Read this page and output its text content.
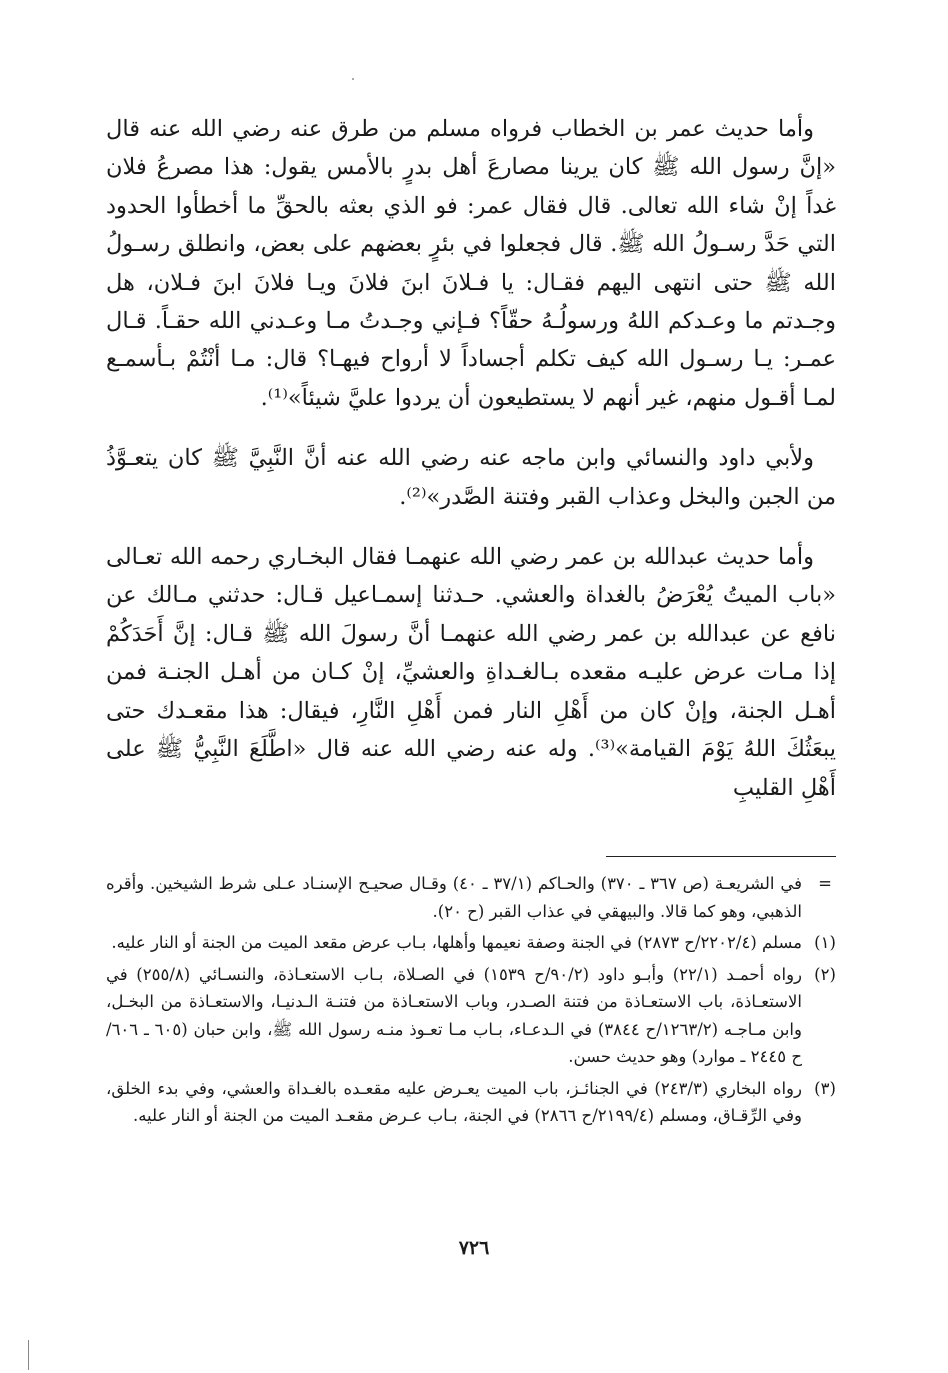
وأما حديث عمر بن الخطاب فرواه مسلم من طرق عنه رضي الله عنه قال «إنَّ رسول الله ﷺ كان يرينا مصارعَ أهل بدرٍ بالأمس يقول: هذا مصرعُ فلان غداً إنْ شاء الله تعالى. قال فقال عمر: فو الذي بعثه بالحقِّ ما أخطأوا الحدود التي حَدَّ رسـولُ الله ﷺ. قال فجعلوا في بئرٍ بعضهم على بعض، وانطلق رسـولُ الله ﷺ حتى انتهى اليهم فقـال: يا فـلانَ ابنَ فلانَ ويـا فلانَ ابنَ فـلان، هل وجـدتم ما وعـدكم اللهُ ورسولُـهُ حقّاً؟ فـإني وجـدتُ مـا وعـدني الله حقـاً. قـال عمـر: يـا رسـول الله كيف تكلم أجساداً لا أرواح فيهـا؟ قال: مـا أنْتُمْ بـأسمـع لمـا أقـول منهم، غير أنهم لا يستطيعون أن يردوا عليَّ شيئاً»⁽¹⁾.

ولأبي داود والنسائي وابن ماجه عنه رضي الله عنه أنَّ النَّبِيَّ ﷺ كان يتعـوَّذُ من الجبن والبخل وعذاب القبر وفتنة الصَّدر»⁽²⁾.

وأما حديث عبدالله بن عمر رضي الله عنهمـا فقال البخـاري رحمه الله تعـالى «باب الميتُ يُعْرَضُ بالغداة والعشي. حـدثنا إسمـاعيل قـال: حدثني مـالك عن نافع عن عبدالله بن عمر رضي الله عنهمـا أنَّ رسولَ الله ﷺ قـال: إنَّ أَحَدَكُمْ إذا مـات عرض عليـه مقعده بـالغـداةِ والعشيِّ، إنْ كـان من أهـل الجنـة فمن أهـل الجنة، وإنْ كان من أَهْلِ النار فمن أَهْلِ النَّارِ، فيقال: هذا مقعـدك حتى يبعَثُكَ اللهُ يَوْمَ القيامة»⁽³⁾. وله عنه رضي الله عنه قال «اطَّلَعَ النَّبِيُّ ﷺ على أَهْلِ القليبِ

=
في الشريعـة (ص ٣٦٧ ـ ٣٧٠) والحـاكم (٣٧/١ ـ ٤٠) وقـال صحيـح الإسنـاد عـلى شرط الشيخين. وأقره الذهبي، وهو كما قالا. والبيهقي في عذاب القبر (ح ٢٠).
(١)
مسلم (٢٢٠٢/٤/ح ٢٨٧٣) في الجنة وصفة نعيمها وأهلها، بـاب عرض مقعد الميت من الجنة أو النار عليه.
(٢)
رواه أحمـد (٢٢/١) وأبـو داود (٩٠/٢/ح ١٥٣٩) في الصـلاة، بـاب الاستعـاذة، والنسـائي (٢٥٥/٨) في الاستعـاذة، باب الاستعـاذة من فتنة الصـدر، وباب الاستعـاذة من فتنـة الـدنيـا، والاستعـاذة من البخـل، وابن مـاجـه (١٢٦٣/٢/ح ٣٨٤٤) في الـدعـاء، بـاب مـا تعـوذ منـه رسول الله ﷺ، وابن حبان (٦٠٥ ـ ٦٠٦/ح ٢٤٤٥ ـ موارد) وهو حديث حسن.
(٣)
رواه البخاري (٢٤٣/٣) في الجنائـز، باب الميت يعـرض عليه مقعـده بالغـداة والعشي، وفي بدء الخلق، وفي الرِّقـاق، ومسلم (٢١٩٩/٤/ح ٢٨٦٦) في الجنة، بـاب عـرض مقعـد الميت من الجنة أو النار عليه.
٧٢٦
